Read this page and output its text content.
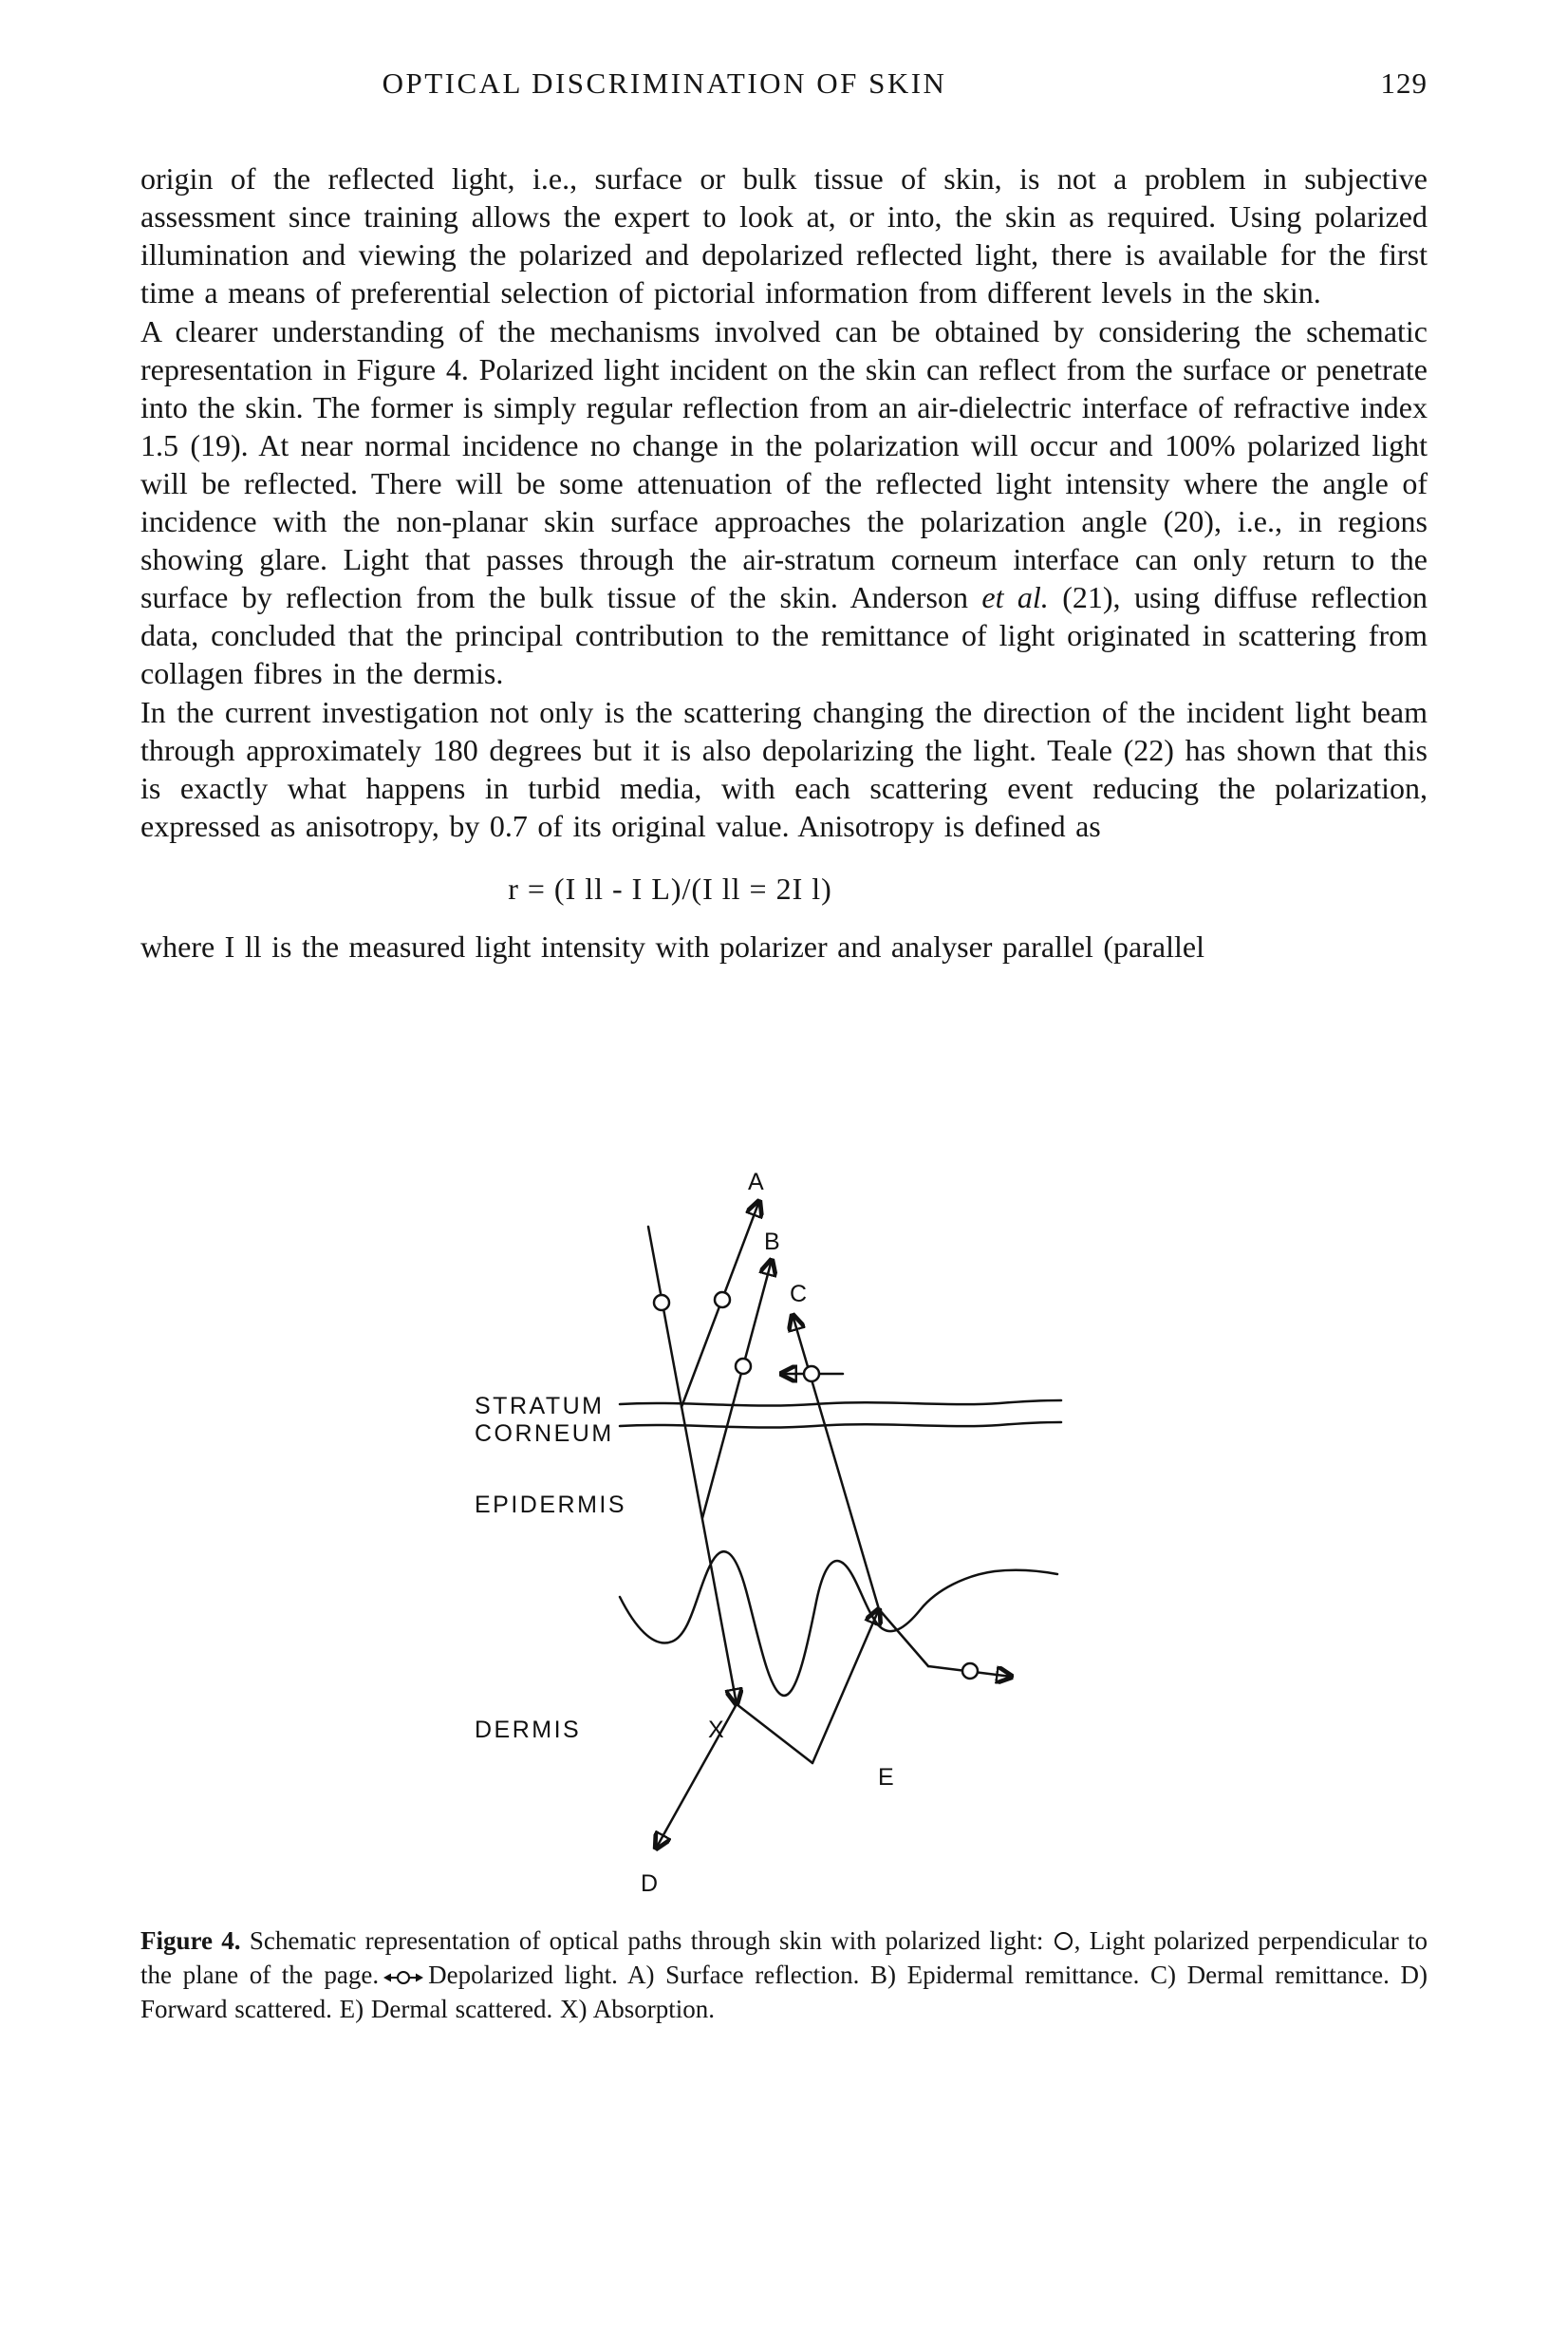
OPTICAL DISCRIMINATION OF SKIN	129

origin of the reflected light, i.e., surface or bulk tissue of skin, is not a problem in subjective assessment since training allows the expert to look at, or into, the skin as required. Using polarized illumination and viewing the polarized and depolarized reflected light, there is available for the first time a means of preferential selection of pictorial information from different levels in the skin.

A clearer understanding of the mechanisms involved can be obtained by considering the schematic representation in Figure 4. Polarized light incident on the skin can reflect from the surface or penetrate into the skin. The former is simply regular reflection from an air-dielectric interface of refractive index 1.5 (19). At near normal incidence no change in the polarization will occur and 100% polarized light will be reflected. There will be some attenuation of the reflected light intensity where the angle of incidence with the non-planar skin surface approaches the polarization angle (20), i.e., in regions showing glare. Light that passes through the air-stratum corneum interface can only return to the surface by reflection from the bulk tissue of the skin. Anderson et al. (21), using diffuse reflection data, concluded that the principal contribution to the remittance of light originated in scattering from collagen fibres in the dermis.

In the current investigation not only is the scattering changing the direction of the incident light beam through approximately 180 degrees but it is also depolarizing the light. Teale (22) has shown that this is exactly what happens in turbid media, with each scattering event reducing the polarization, expressed as anisotropy, by 0.7 of its original value. Anisotropy is defined as

r = (I ll - I L)/(I ll = 2I l)

where I ll is the measured light intensity with polarizer and analyser parallel (parallel

A
B
C
STRATUM
CORNEUM
EPIDERMIS
DERMIS	X
E
D

Figure 4. Schematic representation of optical paths through skin with polarized light: , Light polarized perpendicular to the plane of the page. Depolarized light. A) Surface reflection. B) Epidermal remittance. C) Dermal remittance. D) Forward scattered. E) Dermal scattered. X) Absorption.
